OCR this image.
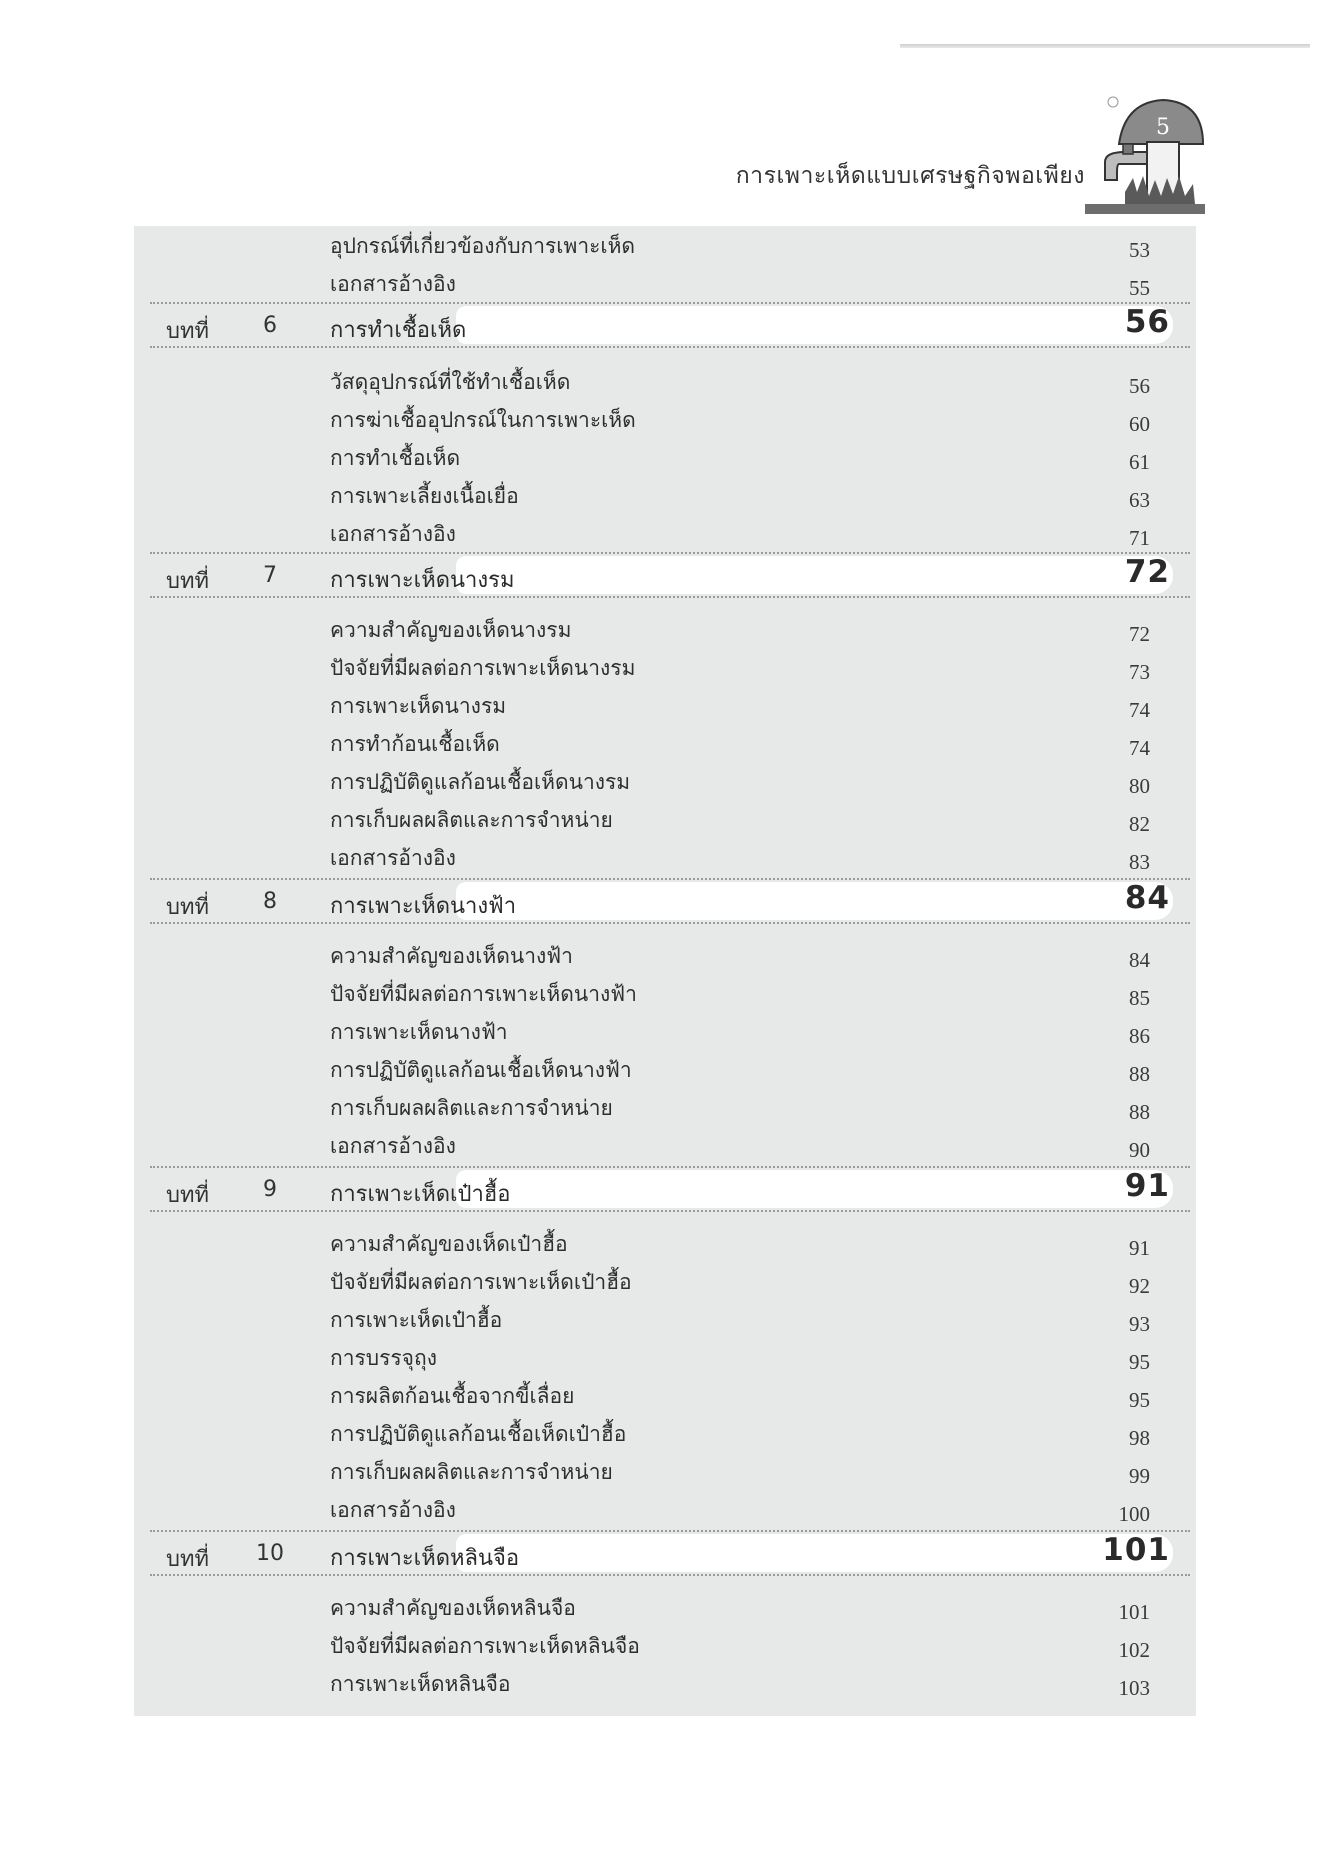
การเพาะเห็ดแบบเศรษฐกิจพอเพียง
5
อุปกรณ์ที่เกี่ยวข้องกับการเพาะเห็ด	53
เอกสารอ้างอิง	55
บทที่	6	การทำเชื้อเห็ด	56
วัสดุอุปกรณ์ที่ใช้ทำเชื้อเห็ด	56
การฆ่าเชื้ออุปกรณ์ในการเพาะเห็ด	60
การทำเชื้อเห็ด	61
การเพาะเลี้ยงเนื้อเยื่อ	63
เอกสารอ้างอิง	71
บทที่	7	การเพาะเห็ดนางรม	72
ความสำคัญของเห็ดนางรม	72
ปัจจัยที่มีผลต่อการเพาะเห็ดนางรม	73
การเพาะเห็ดนางรม	74
การทำก้อนเชื้อเห็ด	74
การปฏิบัติดูแลก้อนเชื้อเห็ดนางรม	80
การเก็บผลผลิตและการจำหน่าย	82
เอกสารอ้างอิง	83
บทที่	8	การเพาะเห็ดนางฟ้า	84
ความสำคัญของเห็ดนางฟ้า	84
ปัจจัยที่มีผลต่อการเพาะเห็ดนางฟ้า	85
การเพาะเห็ดนางฟ้า	86
การปฏิบัติดูแลก้อนเชื้อเห็ดนางฟ้า	88
การเก็บผลผลิตและการจำหน่าย	88
เอกสารอ้างอิง	90
บทที่	9	การเพาะเห็ดเป๋าฮื้อ	91
ความสำคัญของเห็ดเป๋าฮื้อ	91
ปัจจัยที่มีผลต่อการเพาะเห็ดเป๋าฮื้อ	92
การเพาะเห็ดเป๋าฮื้อ	93
การบรรจุถุง	95
การผลิตก้อนเชื้อจากขี้เลื่อย	95
การปฏิบัติดูแลก้อนเชื้อเห็ดเป๋าฮื้อ	98
การเก็บผลผลิตและการจำหน่าย	99
เอกสารอ้างอิง	100
บทที่	10	การเพาะเห็ดหลินจือ	101
ความสำคัญของเห็ดหลินจือ	101
ปัจจัยที่มีผลต่อการเพาะเห็ดหลินจือ	102
การเพาะเห็ดหลินจือ	103
